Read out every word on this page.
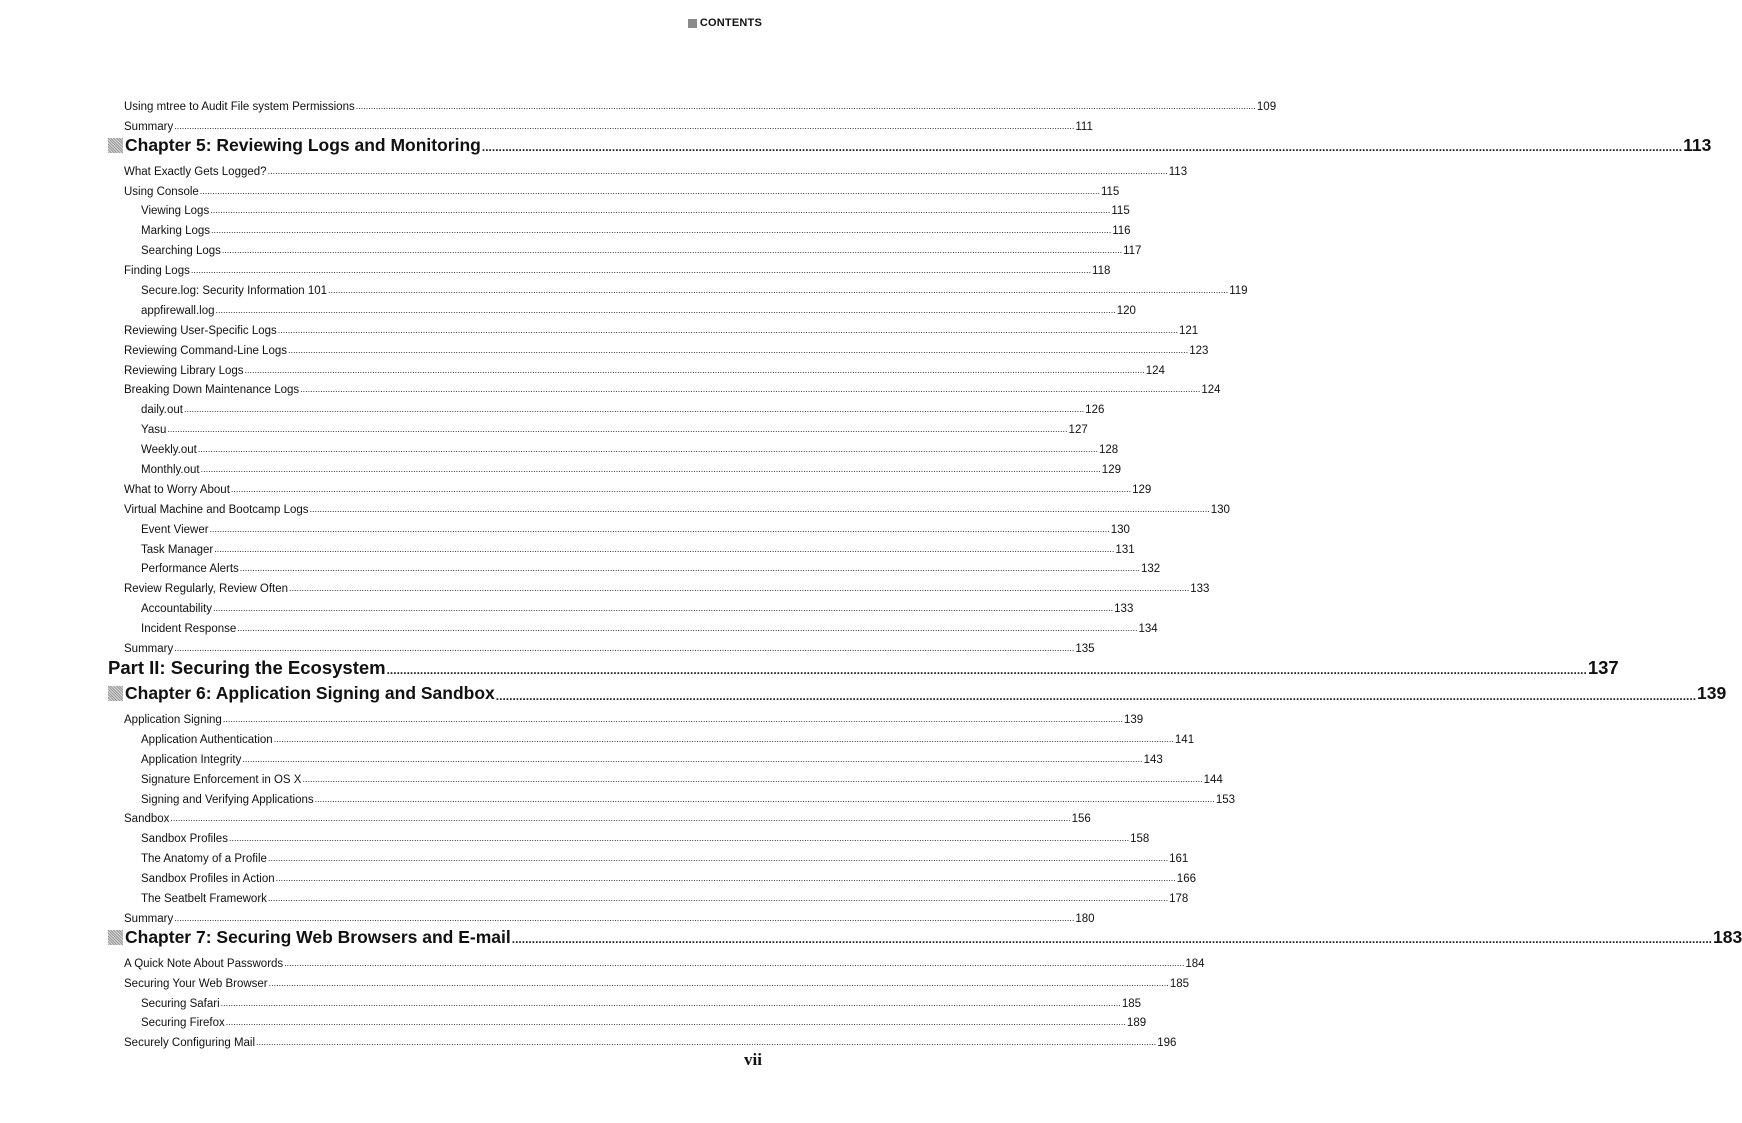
CONTENTS
Using mtree to Audit File system Permissions ........................................................................................................................................................................................................................................................................................................................................................................ 109
Summary ........................................................................................................................................................................................................................................................................................................................................................................ 111
Chapter 5: Reviewing Logs and Monitoring ........................................................................................................................................................................................................................................................................................................................................................................ 113
What Exactly Gets Logged? ........................................................................................................................................................................................................................................................................................................................................................................ 113
Using Console ........................................................................................................................................................................................................................................................................................................................................................................ 115
Viewing Logs ........................................................................................................................................................................................................................................................................................................................................................................ 115
Marking Logs ........................................................................................................................................................................................................................................................................................................................................................................ 116
Searching Logs ........................................................................................................................................................................................................................................................................................................................................................................ 117
Finding Logs ........................................................................................................................................................................................................................................................................................................................................................................ 118
Secure.log: Security Information 101 ........................................................................................................................................................................................................................................................................................................................................................................ 119
appfirewall.log ........................................................................................................................................................................................................................................................................................................................................................................ 120
Reviewing User-Specific Logs ........................................................................................................................................................................................................................................................................................................................................................................ 121
Reviewing Command-Line Logs ........................................................................................................................................................................................................................................................................................................................................................................ 123
Reviewing Library Logs ........................................................................................................................................................................................................................................................................................................................................................................ 124
Breaking Down Maintenance Logs ........................................................................................................................................................................................................................................................................................................................................................................ 124
daily.out ........................................................................................................................................................................................................................................................................................................................................................................ 126
Yasu ........................................................................................................................................................................................................................................................................................................................................................................ 127
Weekly.out ........................................................................................................................................................................................................................................................................................................................................................................ 128
Monthly.out ........................................................................................................................................................................................................................................................................................................................................................................ 129
What to Worry About ........................................................................................................................................................................................................................................................................................................................................................................ 129
Virtual Machine and Bootcamp Logs ........................................................................................................................................................................................................................................................................................................................................................................ 130
Event Viewer ........................................................................................................................................................................................................................................................................................................................................................................ 130
Task Manager ........................................................................................................................................................................................................................................................................................................................................................................ 131
Performance Alerts ........................................................................................................................................................................................................................................................................................................................................................................ 132
Review Regularly, Review Often ........................................................................................................................................................................................................................................................................................................................................................................ 133
Accountability ........................................................................................................................................................................................................................................................................................................................................................................ 133
Incident Response ........................................................................................................................................................................................................................................................................................................................................................................ 134
Summary ........................................................................................................................................................................................................................................................................................................................................................................ 135
Part II: Securing the Ecosystem ........................................................................................................................................................................................................................................................................................................................................................................ 137
Chapter 6: Application Signing and Sandbox ........................................................................................................................................................................................................................................................................................................................................................................ 139
Application Signing ........................................................................................................................................................................................................................................................................................................................................................................ 139
Application Authentication ........................................................................................................................................................................................................................................................................................................................................................................ 141
Application Integrity ........................................................................................................................................................................................................................................................................................................................................................................ 143
Signature Enforcement in OS X ........................................................................................................................................................................................................................................................................................................................................................................ 144
Signing and Verifying Applications ........................................................................................................................................................................................................................................................................................................................................................................ 153
Sandbox ........................................................................................................................................................................................................................................................................................................................................................................ 156
Sandbox Profiles ........................................................................................................................................................................................................................................................................................................................................................................ 158
The Anatomy of a Profile ........................................................................................................................................................................................................................................................................................................................................................................ 161
Sandbox Profiles in Action ........................................................................................................................................................................................................................................................................................................................................................................ 166
The Seatbelt Framework ........................................................................................................................................................................................................................................................................................................................................................................ 178
Summary ........................................................................................................................................................................................................................................................................................................................................................................ 180
Chapter 7: Securing Web Browsers and E-mail ........................................................................................................................................................................................................................................................................................................................................................................ 183
A Quick Note About Passwords ........................................................................................................................................................................................................................................................................................................................................................................ 184
Securing Your Web Browser ........................................................................................................................................................................................................................................................................................................................................................................ 185
Securing Safari ........................................................................................................................................................................................................................................................................................................................................................................ 185
Securing Firefox ........................................................................................................................................................................................................................................................................................................................................................................ 189
Securely Configuring Mail ........................................................................................................................................................................................................................................................................................................................................................................ 196
vii
